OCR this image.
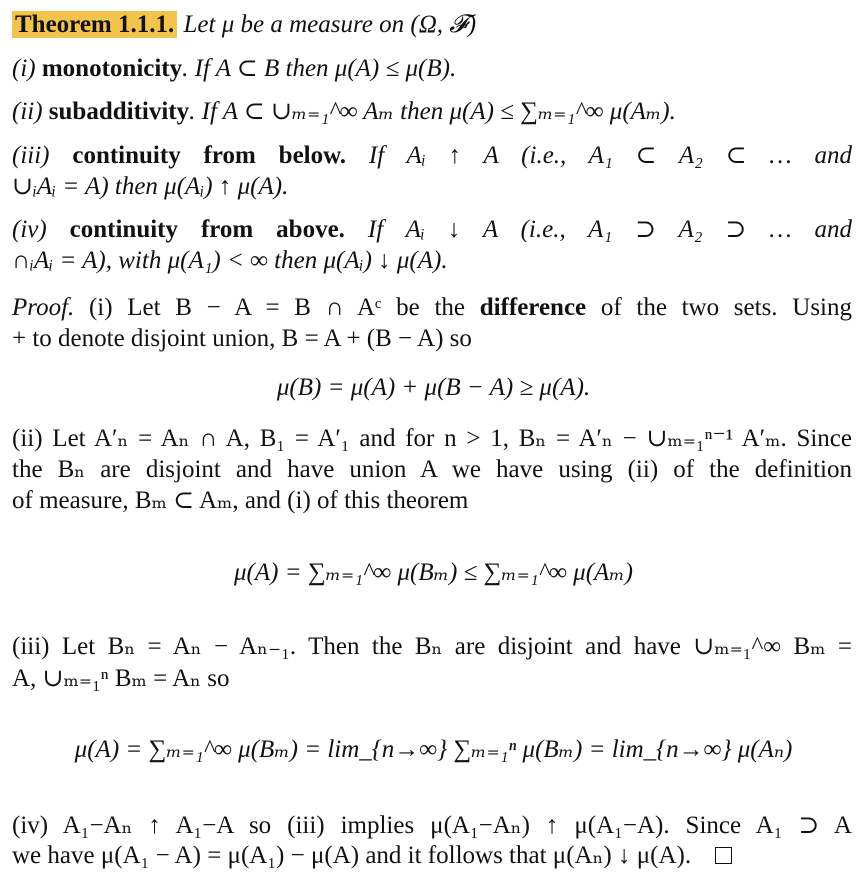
Theorem 1.1.1. Let μ be a measure on (Ω, 𝓕)
(i) monotonicity. If A ⊂ B then μ(A) ≤ μ(B).
(ii) subadditivity. If A ⊂ ∪ₘ₌₁^∞ Aₘ then μ(A) ≤ ∑ₘ₌₁^∞ μ(Aₘ).
(iii) continuity from below. If Aᵢ ↑ A (i.e., A₁ ⊂ A₂ ⊂ … and
∪ᵢAᵢ = A) then μ(Aᵢ) ↑ μ(A).
(iv) continuity from above. If Aᵢ ↓ A (i.e., A₁ ⊃ A₂ ⊃ … and
∩ᵢAᵢ = A), with μ(A₁) < ∞ then μ(Aᵢ) ↓ μ(A).
Proof. (i) Let B − A = B ∩ Aᶜ be the difference of the two sets. Using
+ to denote disjoint union, B = A + (B − A) so
μ(B) = μ(A) + μ(B − A) ≥ μ(A).
(ii) Let A′ₙ = Aₙ ∩ A, B₁ = A′₁ and for n > 1, Bₙ = A′ₙ − ∪ₘ₌₁ⁿ⁻¹ A′ₘ. Since
the Bₙ are disjoint and have union A we have using (ii) of the definition
of measure, Bₘ ⊂ Aₘ, and (i) of this theorem
μ(A) = ∑ₘ₌₁^∞ μ(Bₘ) ≤ ∑ₘ₌₁^∞ μ(Aₘ)
(iii) Let Bₙ = Aₙ − Aₙ₋₁. Then the Bₙ are disjoint and have ∪ₘ₌₁^∞ Bₘ =
A, ∪ₘ₌₁ⁿ Bₘ = Aₙ so
μ(A) = ∑ₘ₌₁^∞ μ(Bₘ) = lim_{n→∞} ∑ₘ₌₁ⁿ μ(Bₘ) = lim_{n→∞} μ(Aₙ)
(iv) A₁−Aₙ ↑ A₁−A so (iii) implies μ(A₁−Aₙ) ↑ μ(A₁−A). Since A₁ ⊃ A
we have μ(A₁ − A) = μ(A₁) − μ(A) and it follows that μ(Aₙ) ↓ μ(A).
